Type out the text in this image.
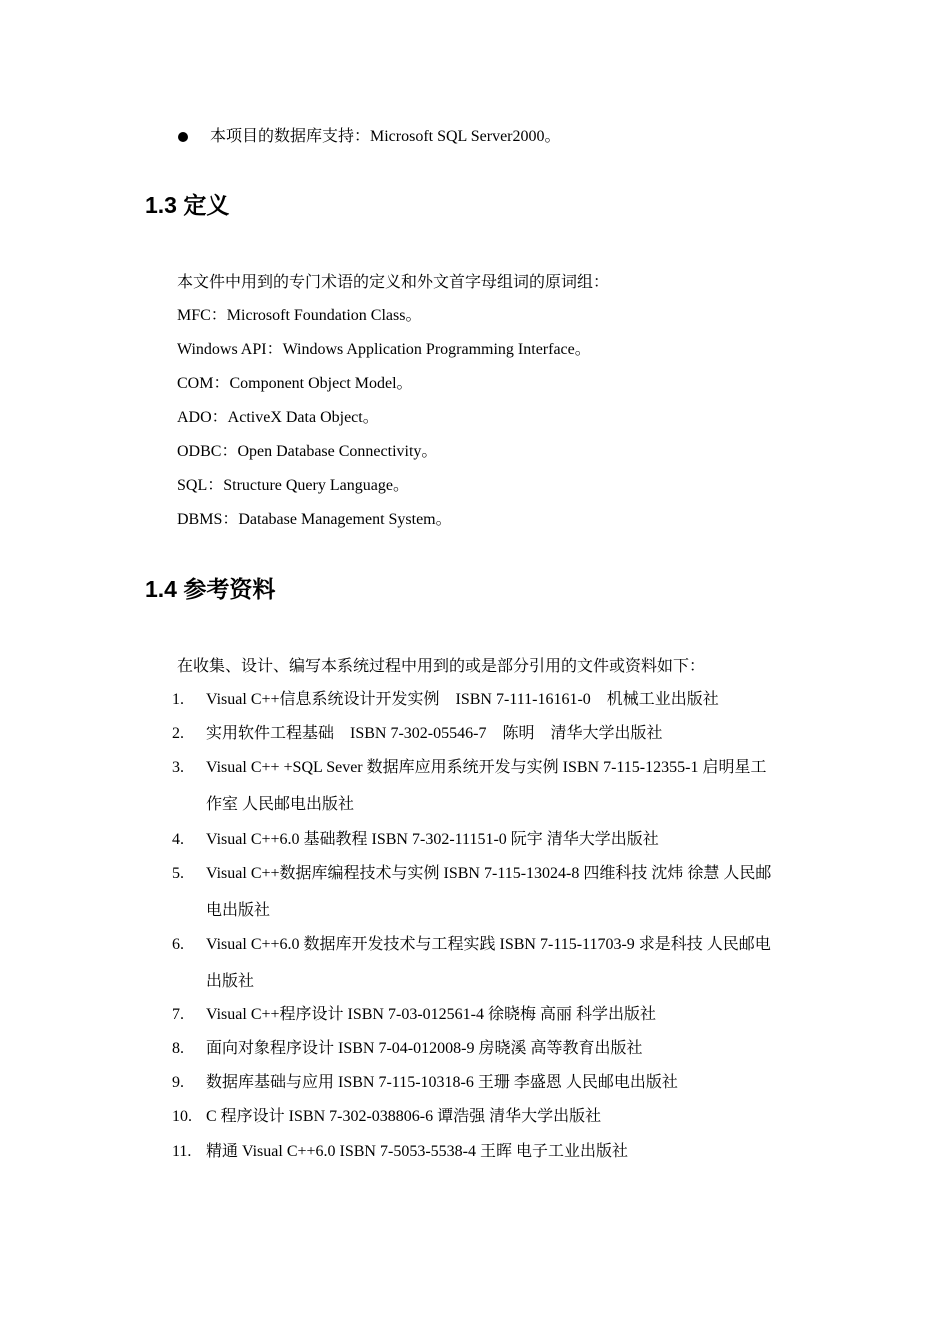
本项目的数据库支持：Microsoft SQL Server2000。
1.3 定义
本文件中用到的专门术语的定义和外文首字母组词的原词组：
MFC：Microsoft Foundation Class。
Windows API：Windows Application Programming Interface。
COM：Component Object Model。
ADO：ActiveX Data Object。
ODBC：Open Database Connectivity。
SQL：Structure Query Language。
DBMS：Database Management System。
1.4 参考资料
在收集、设计、编写本系统过程中用到的或是部分引用的文件或资料如下：
1.	Visual C++信息系统设计开发实例　ISBN 7-111-16161-0　机械工业出版社
2.	实用软件工程基础　ISBN 7-302-05546-7　陈明　清华大学出版社
3.	Visual C++ +SQL Sever 数据库应用系统开发与实例 ISBN 7-115-12355-1 启明星工
作室 人民邮电出版社
4.	Visual C++6.0 基础教程 ISBN 7-302-11151-0 阮宇 清华大学出版社
5.	Visual C++数据库编程技术与实例 ISBN 7-115-13024-8 四维科技 沈炜 徐慧 人民邮
电出版社
6.	Visual C++6.0 数据库开发技术与工程实践 ISBN 7-115-11703-9 求是科技 人民邮电
出版社
7.	Visual C++程序设计 ISBN 7-03-012561-4 徐晓梅 高丽 科学出版社
8.	面向对象程序设计 ISBN 7-04-012008-9 房晓溪 高等教育出版社
9.	数据库基础与应用 ISBN 7-115-10318-6 王珊 李盛恩 人民邮电出版社
10. C 程序设计 ISBN 7-302-038806-6 谭浩强 清华大学出版社
11. 精通 Visual C++6.0 ISBN 7-5053-5538-4 王晖 电子工业出版社
